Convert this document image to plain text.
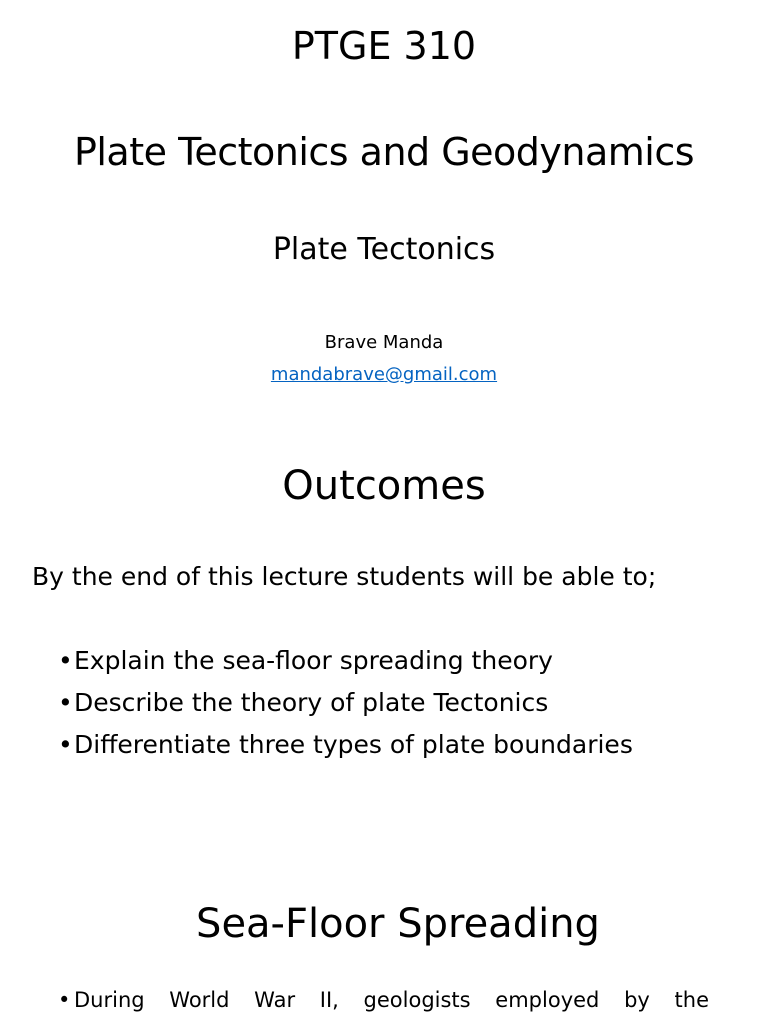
PTGE 310
Plate Tectonics and Geodynamics
Plate Tectonics
Brave Manda
mandabrave@gmail.com
Outcomes
By the end of this lecture students will be able to;
•Explain the sea-floor spreading theory
•Describe the theory of plate Tectonics
•Differentiate three types of plate boundaries
Sea-Floor Spreading
• During World War II, geologists employed by the
